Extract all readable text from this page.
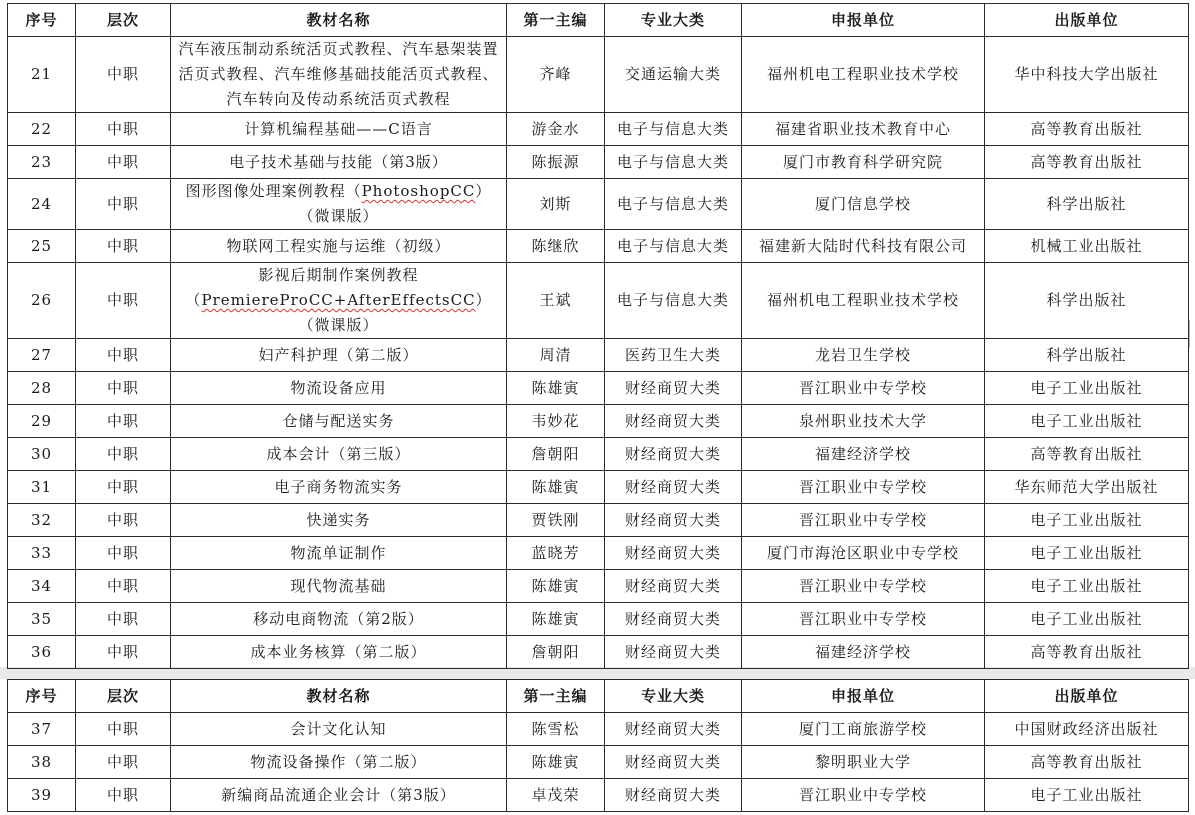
序号	层次	教材名称	第一主编	专业大类	申报单位	出版单位
21	中职	汽车液压制动系统活页式教程、汽车悬架装置活页式教程、汽车维修基础技能活页式教程、汽车转向及传动系统活页式教程	齐峰	交通运输大类	福州机电工程职业技术学校	华中科技大学出版社
22	中职	计算机编程基础——C语言	游金水	电子与信息大类	福建省职业技术教育中心	高等教育出版社
23	中职	电子技术基础与技能（第3版）	陈振源	电子与信息大类	厦门市教育科学研究院	高等教育出版社
24	中职	图形图像处理案例教程（PhotoshopCC）（微课版）	刘斯	电子与信息大类	厦门信息学校	科学出版社
25	中职	物联网工程实施与运维（初级）	陈继欣	电子与信息大类	福建新大陆时代科技有限公司	机械工业出版社
26	中职	影视后期制作案例教程（PremiereProCC+AfterEffectsCC）（微课版）	王斌	电子与信息大类	福州机电工程职业技术学校	科学出版社
27	中职	妇产科护理（第二版）	周清	医药卫生大类	龙岩卫生学校	科学出版社
28	中职	物流设备应用	陈雄寅	财经商贸大类	晋江职业中专学校	电子工业出版社
29	中职	仓储与配送实务	韦妙花	财经商贸大类	泉州职业技术大学	电子工业出版社
30	中职	成本会计（第三版）	詹朝阳	财经商贸大类	福建经济学校	高等教育出版社
31	中职	电子商务物流实务	陈雄寅	财经商贸大类	晋江职业中专学校	华东师范大学出版社
32	中职	快递实务	贾铁刚	财经商贸大类	晋江职业中专学校	电子工业出版社
33	中职	物流单证制作	蓝晓芳	财经商贸大类	厦门市海沧区职业中专学校	电子工业出版社
34	中职	现代物流基础	陈雄寅	财经商贸大类	晋江职业中专学校	电子工业出版社
35	中职	移动电商物流（第2版）	陈雄寅	财经商贸大类	晋江职业中专学校	电子工业出版社
36	中职	成本业务核算（第二版）	詹朝阳	财经商贸大类	福建经济学校	高等教育出版社
序号	层次	教材名称	第一主编	专业大类	申报单位	出版单位
37	中职	会计文化认知	陈雪松	财经商贸大类	厦门工商旅游学校	中国财政经济出版社
38	中职	物流设备操作（第二版）	陈雄寅	财经商贸大类	黎明职业大学	高等教育出版社
39	中职	新编商品流通企业会计（第3版）	卓茂荣	财经商贸大类	晋江职业中专学校	电子工业出版社
